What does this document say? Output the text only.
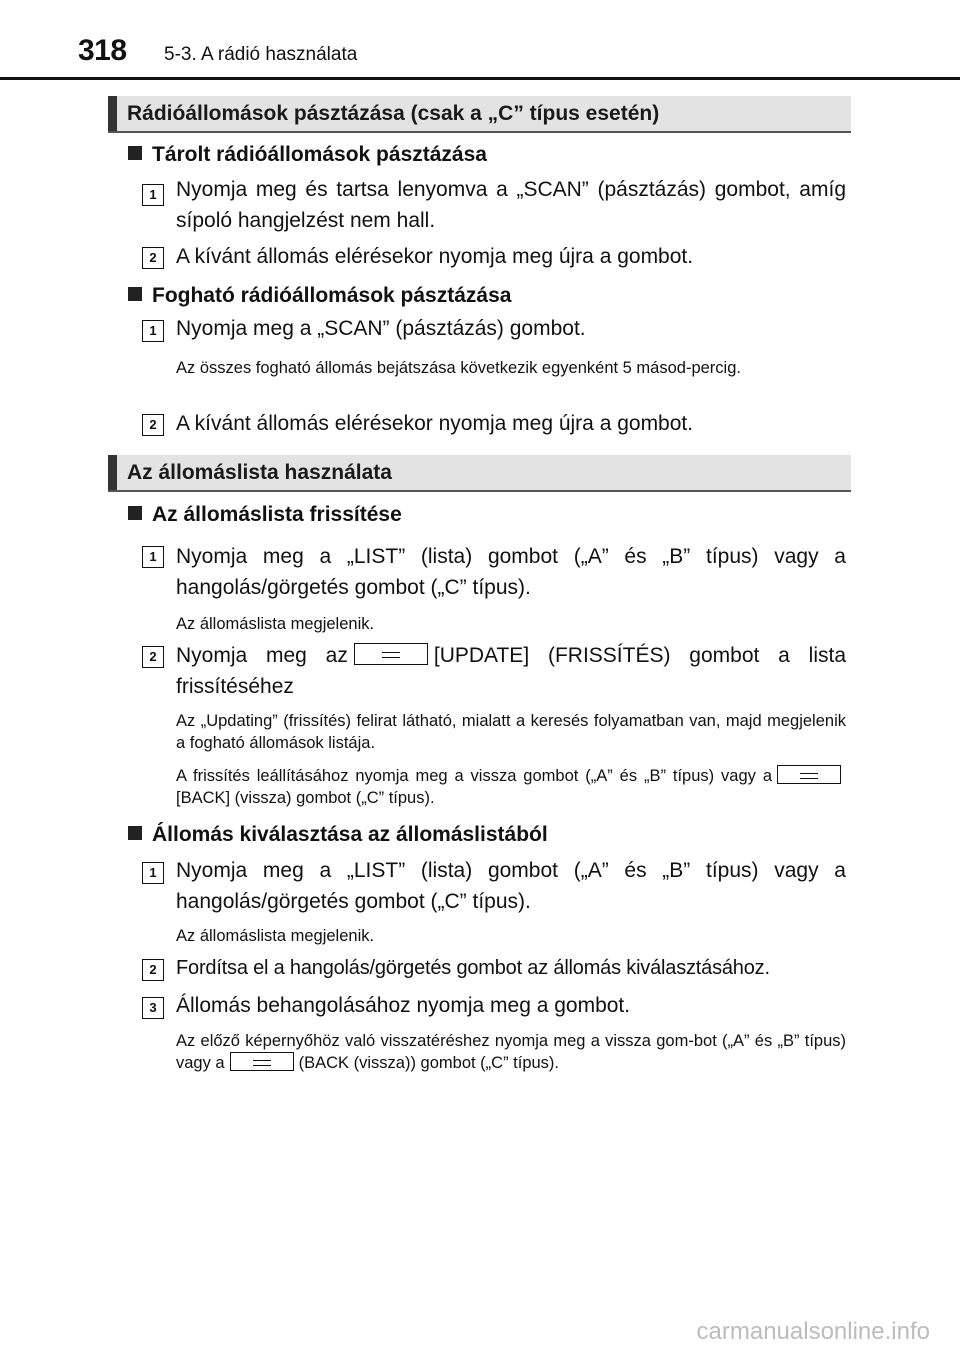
318 5-3. A rádió használata
Rádióállomások pásztázása (csak a „C” típus esetén)
Tárolt rádióállomások pásztázása
1 Nyomja meg és tartsa lenyomva a „SCAN” (pásztázás) gombot, amíg sípoló hangjelzést nem hall.
2 A kívánt állomás elérésekor nyomja meg újra a gombot.
Fogható rádióállomások pásztázása
1 Nyomja meg a „SCAN” (pásztázás) gombot.
Az összes fogható állomás bejátszása következik egyenként 5 másod-percig.
2 A kívánt állomás elérésekor nyomja meg újra a gombot.
Az állomáslista használata
Az állomáslista frissítése
1 Nyomja meg a „LIST” (lista) gombot („A” és „B” típus) vagy a hangolás/görgetés gombot („C” típus).
Az állomáslista megjelenik.
2 Nyomja meg az	[UPDATE] (FRISSÍTÉS) gombot a lista frissítéséhez
Az „Updating” (frissítés) felirat látható, mialatt a keresés folyamatban van, majd megjelenik a fogható állomások listája.
A frissítés leállításához nyomja meg a vissza gombot („A” és „B” típus) vagy a
[BACK] (vissza) gombot („C” típus).
Állomás kiválasztása az állomáslistából
1 Nyomja meg a „LIST” (lista) gombot („A” és „B” típus) vagy a hangolás/görgetés gombot („C” típus).
Az állomáslista megjelenik.
2 Fordítsa el a hangolás/görgetés gombot az állomás kiválasztásához.
3 Állomás behangolásához nyomja meg a gombot.
Az előző képernyőhöz való visszatéréshez nyomja meg a vissza gom-bot („A” és „B” típus) vagy a	(BACK (vissza)) gombot („C” típus).
carmanualsonline.info
